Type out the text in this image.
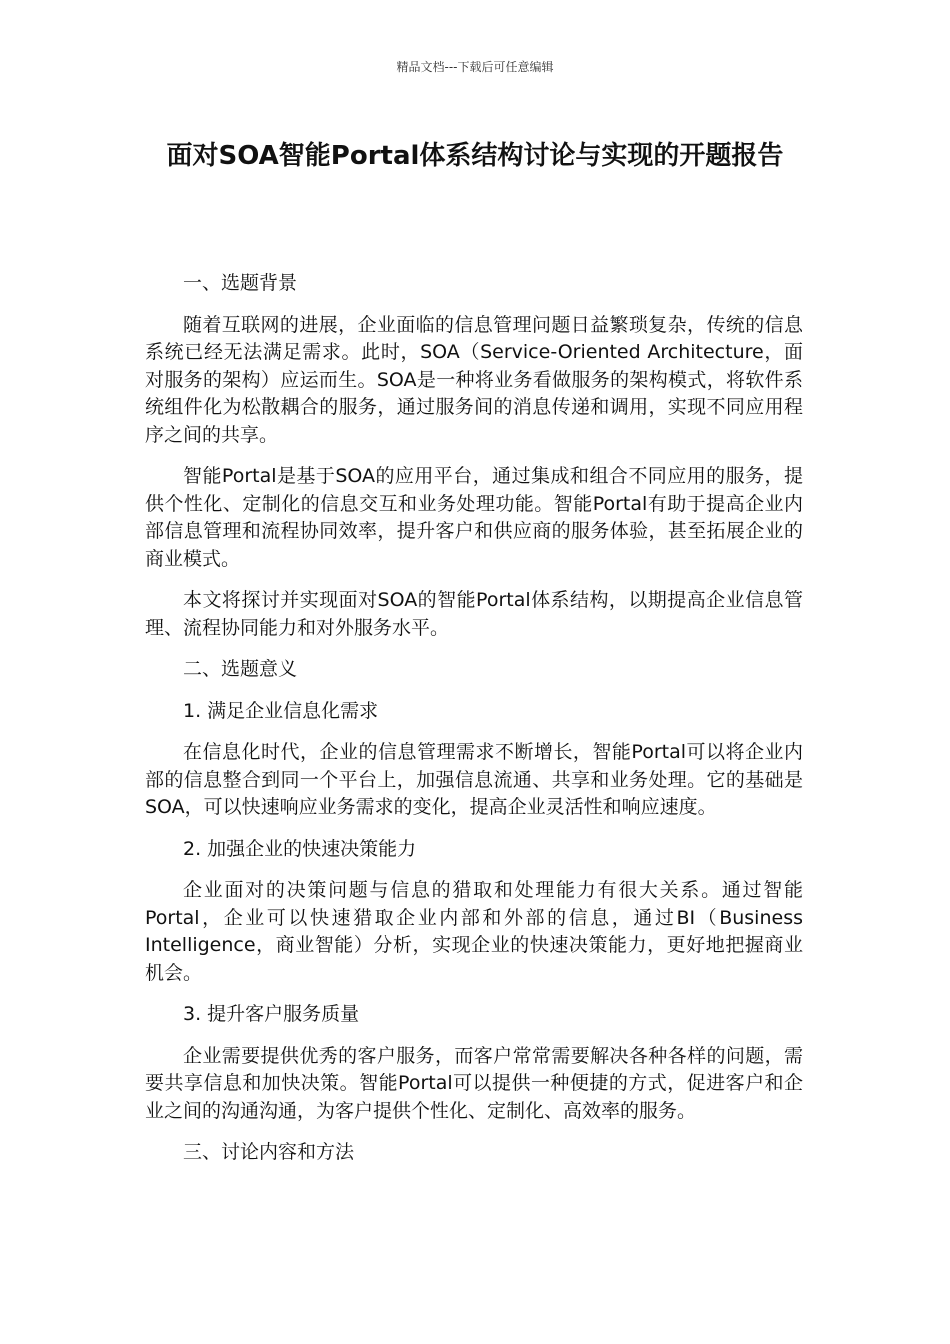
精品文档---下载后可任意编辑
面对SOA智能Portal体系结构讨论与实现的开题报告

一、选题背景

随着互联网的进展，企业面临的信息管理问题日益繁琐复杂，传统的信息系统已经无法满足需求。此时，SOA（Service-Oriented Architecture，面对服务的架构）应运而生。SOA是一种将业务看做服务的架构模式，将软件系统组件化为松散耦合的服务，通过服务间的消息传递和调用，实现不同应用程序之间的共享。

智能Portal是基于SOA的应用平台，通过集成和组合不同应用的服务，提供个性化、定制化的信息交互和业务处理功能。智能Portal有助于提高企业内部信息管理和流程协同效率，提升客户和供应商的服务体验，甚至拓展企业的商业模式。

本文将探讨并实现面对SOA的智能Portal体系结构，以期提高企业信息管理、流程协同能力和对外服务水平。

二、选题意义

1. 满足企业信息化需求

在信息化时代，企业的信息管理需求不断增长，智能Portal可以将企业内部的信息整合到同一个平台上，加强信息流通、共享和业务处理。它的基础是SOA，可以快速响应业务需求的变化，提高企业灵活性和响应速度。

2. 加强企业的快速决策能力

企业面对的决策问题与信息的猎取和处理能力有很大关系。通过智能Portal，企业可以快速猎取企业内部和外部的信息，通过BI（Business Intelligence，商业智能）分析，实现企业的快速决策能力，更好地把握商业机会。

3. 提升客户服务质量

企业需要提供优秀的客户服务，而客户常常需要解决各种各样的问题，需要共享信息和加快决策。智能Portal可以提供一种便捷的方式，促进客户和企业之间的沟通沟通，为客户提供个性化、定制化、高效率的服务。

三、讨论内容和方法
